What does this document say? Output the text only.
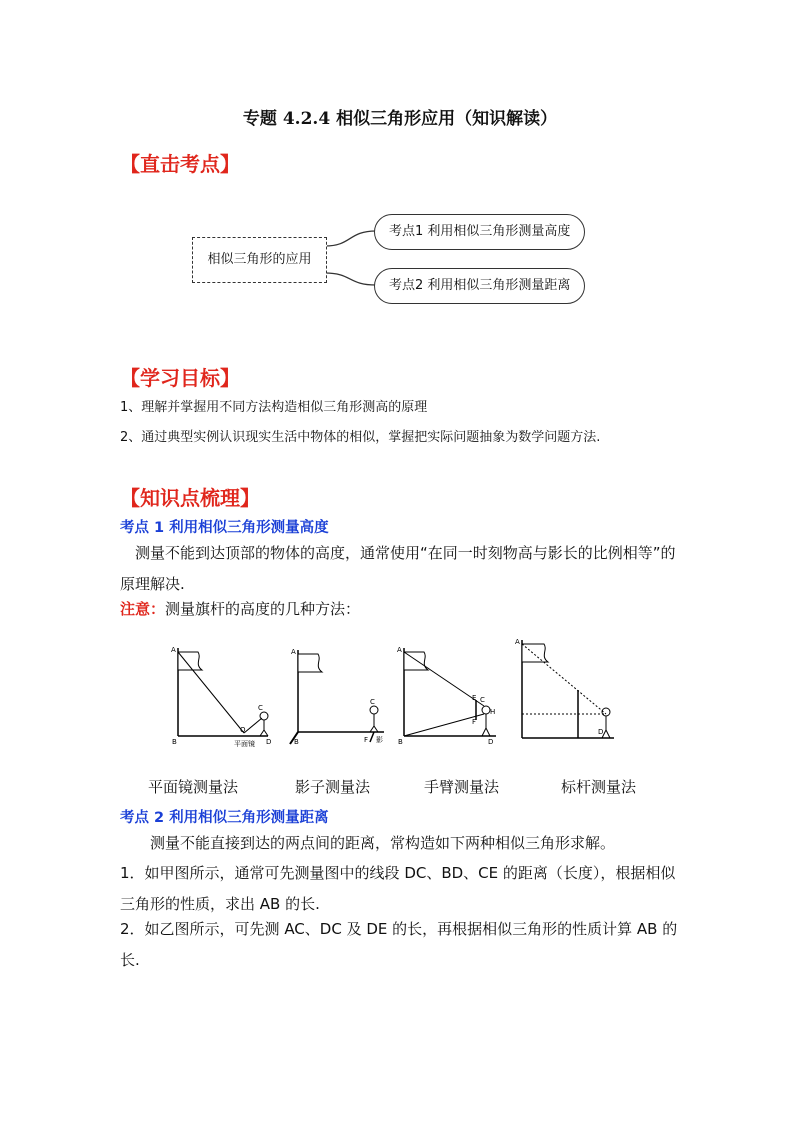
专题 4.2.4 相似三角形应用（知识解读）
【直击考点】
相似三角形的应用
考点1 利用相似三角形测量高度
考点2 利用相似三角形测量距离
【学习目标】
1、理解并掌握用不同方法构造相似三角形测高的原理
2、通过典型实例认识现实生活中物体的相似，掌握把实际问题抽象为数学问题方法.
【知识点梳理】
考点 1 利用相似三角形测量高度
　测量不能到达顶部的物体的高度，通常使用“在同一时刻物高与影长的比例相等”的原理解决.
注意：测量旗杆的高度的几种方法：
A
B
C
D
O
平面镜
A
B
C
F 影
A
B
E C
F
H
D
A
D
平面镜测量法	影子测量法	手臂测量法	标杆测量法
考点 2 利用相似三角形测量距离
　　测量不能直接到达的两点间的距离，常构造如下两种相似三角形求解。
1．如甲图所示，通常可先测量图中的线段 DC、BD、CE 的距离（长度），根据相似三角形的性质，求出 AB 的长.
2．如乙图所示，可先测 AC、DC 及 DE 的长，再根据相似三角形的性质计算 AB 的长.
